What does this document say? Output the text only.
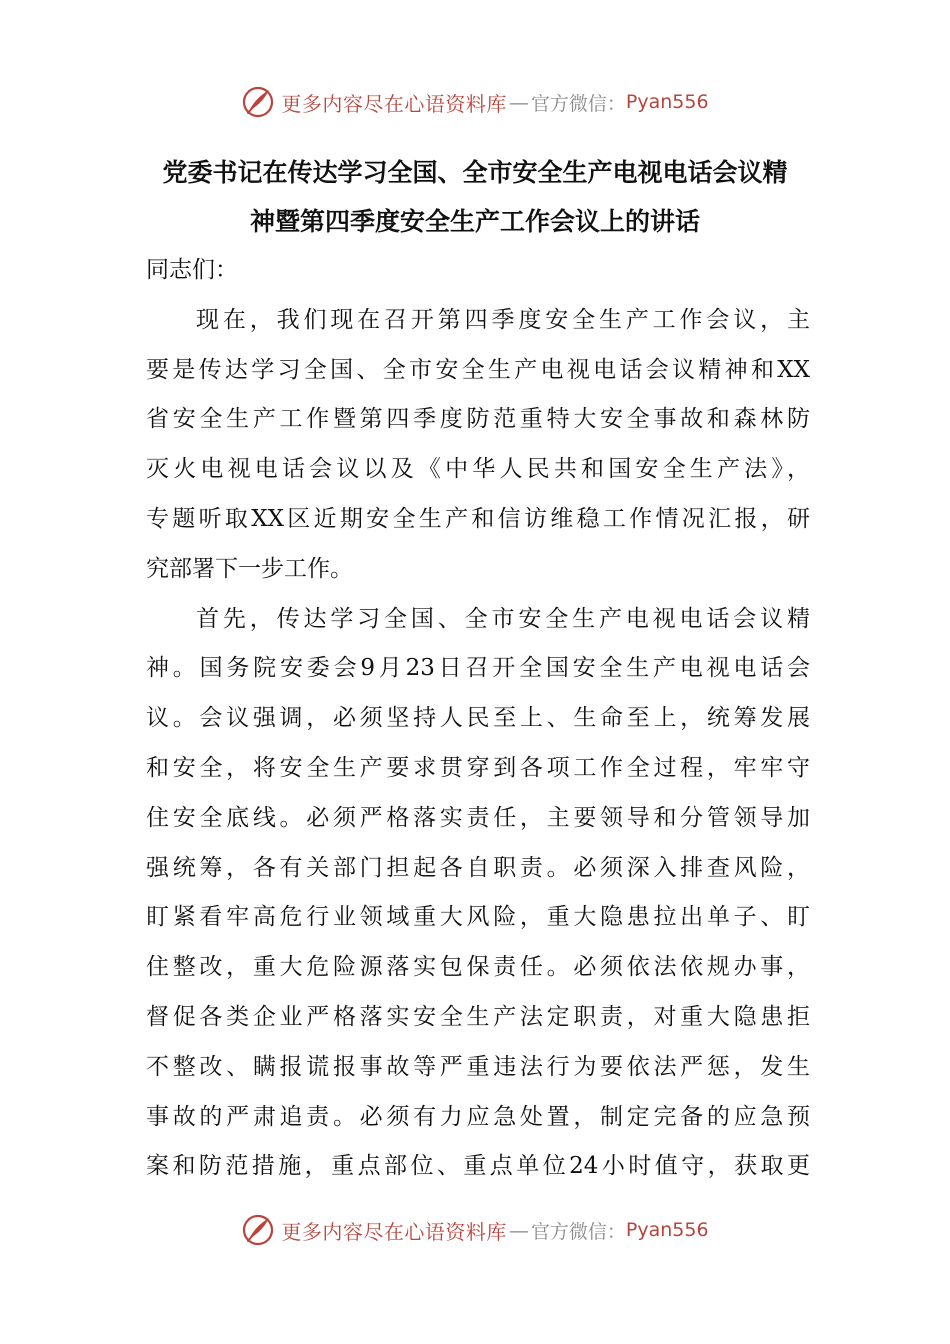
更多内容尽在心语资料库 — 官方微信： Pyan556
党委书记在传达学习全国、全市安全生产电视电话会议精
神暨第四季度安全生产工作会议上的讲话
同志们：
现在，我们现在召开第四季度安全生产工作会议，主
要是传达学习全国、全市安全生产电视电话会议精神和XX
省安全生产工作暨第四季度防范重特大安全事故和森林防
灭火电视电话会议以及《中华人民共和国安全生产法》，
专题听取XX区近期安全生产和信访维稳工作情况汇报，研
究部署下一步工作。
首先，传达学习全国、全市安全生产电视电话会议精
神。国务院安委会9月23日召开全国安全生产电视电话会
议。会议强调，必须坚持人民至上、生命至上，统筹发展
和安全，将安全生产要求贯穿到各项工作全过程，牢牢守
住安全底线。必须严格落实责任，主要领导和分管领导加
强统筹，各有关部门担起各自职责。必须深入排查风险，
盯紧看牢高危行业领域重大风险，重大隐患拉出单子、盯
住整改，重大危险源落实包保责任。必须依法依规办事，
督促各类企业严格落实安全生产法定职责，对重大隐患拒
不整改、瞒报谎报事故等严重违法行为要依法严惩，发生
事故的严肃追责。必须有力应急处置，制定完备的应急预
案和防范措施，重点部位、重点单位24小时值守，获取更
更多内容尽在心语资料库 — 官方微信： Pyan556
